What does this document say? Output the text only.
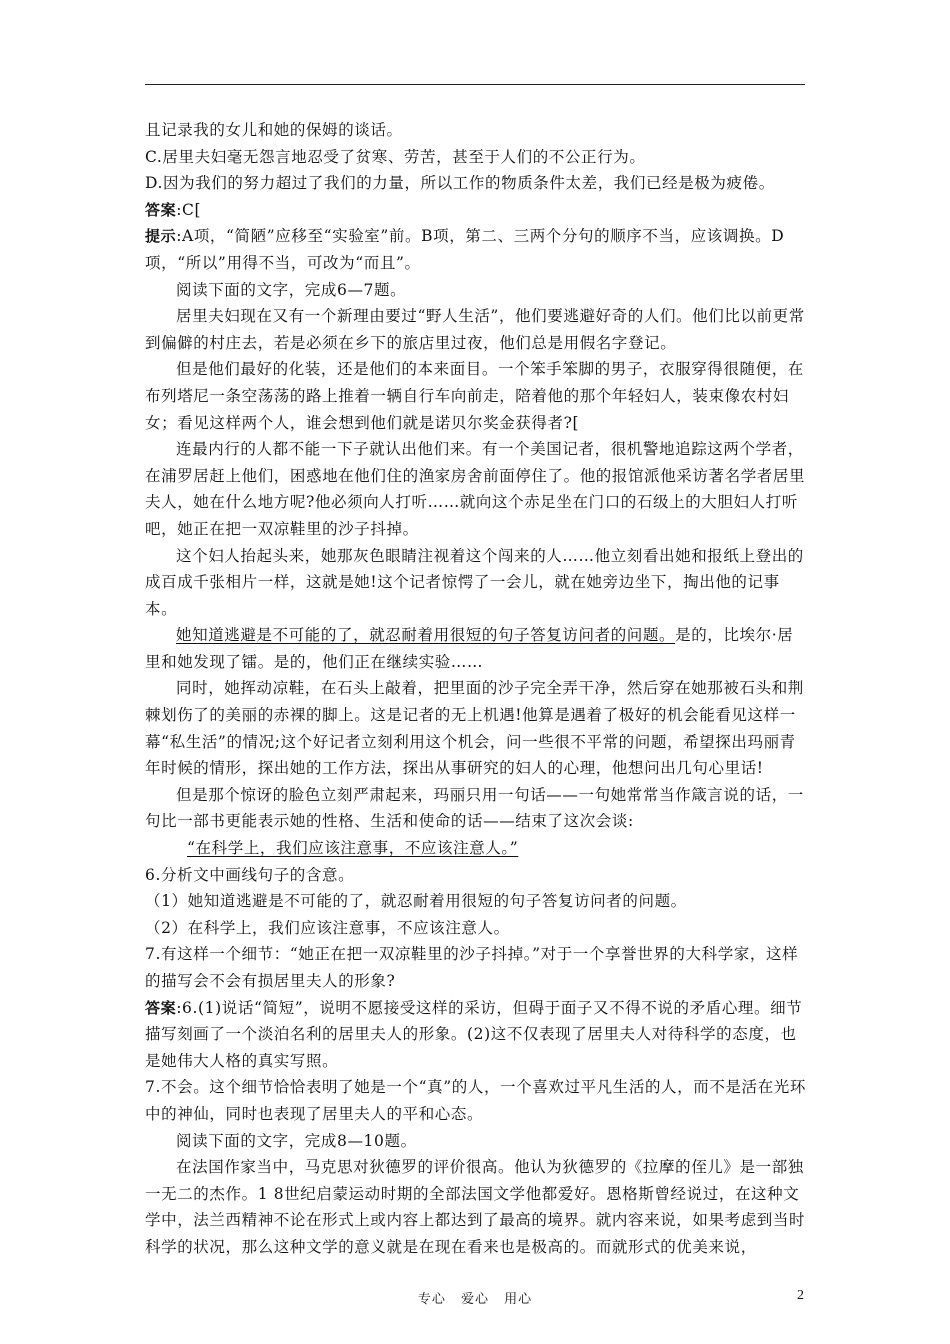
且记录我的女儿和她的保姆的谈话。

C.居里夫妇毫无怨言地忍受了贫寒、劳苦，甚至于人们的不公正行为。

D.因为我们的努力超过了我们的力量，所以工作的物质条件太差，我们已经是极为疲倦。

答案:C[

提示:A项，“简陋”应移至“实验室”前。B项，第二、三两个分句的顺序不当，应该调换。D项，“所以”用得不当，可改为“而且”。

阅读下面的文字，完成6—7题。

居里夫妇现在又有一个新理由要过“野人生活”，他们要逃避好奇的人们。他们比以前更常到偏僻的村庄去，若是必须在乡下的旅店里过夜，他们总是用假名字登记。

但是他们最好的化装，还是他们的本来面目。一个笨手笨脚的男子，衣服穿得很随便，在布列塔尼一条空荡荡的路上推着一辆自行车向前走，陪着他的那个年轻妇人，装束像农村妇女；看见这样两个人，谁会想到他们就是诺贝尔奖金获得者?[

连最内行的人都不能一下子就认出他们来。有一个美国记者，很机警地追踪这两个学者，在浦罗居赶上他们，困惑地在他们住的渔家房舍前面停住了。他的报馆派他采访著名学者居里夫人，她在什么地方呢?他必须向人打听……就向这个赤足坐在门口的石级上的大胆妇人打听吧，她正在把一双凉鞋里的沙子抖掉。

这个妇人抬起头来，她那灰色眼睛注视着这个闯来的人……他立刻看出她和报纸上登出的成百成千张相片一样，这就是她!这个记者惊愕了一会儿，就在她旁边坐下，掏出他的记事本。

她知道逃避是不可能的了，就忍耐着用很短的句子答复访问者的问题。是的，比埃尔·居里和她发现了镭。是的，他们正在继续实验……

同时，她挥动凉鞋，在石头上敲着，把里面的沙子完全弄干净，然后穿在她那被石头和荆棘划伤了的美丽的赤裸的脚上。这是记者的无上机遇!他算是遇着了极好的机会能看见这样一幕“私生活”的情况;这个好记者立刻利用这个机会，问一些很不平常的问题，希望探出玛丽青年时候的情形，探出她的工作方法，探出从事研究的妇人的心理，他想问出几句心里话!

但是那个惊讶的脸色立刻严肃起来，玛丽只用一句话——一句她常常当作箴言说的话，一句比一部书更能表示她的性格、生活和使命的话——结束了这次会谈:

“在科学上，我们应该注意事，不应该注意人。”

6.分析文中画线句子的含意。

（1）她知道逃避是不可能的了，就忍耐着用很短的句子答复访问者的问题。

（2）在科学上，我们应该注意事，不应该注意人。

7.有这样一个细节：“她正在把一双凉鞋里的沙子抖掉。”对于一个享誉世界的大科学家，这样的描写会不会有损居里夫人的形象?

答案:6.(1)说话“简短”，说明不愿接受这样的采访，但碍于面子又不得不说的矛盾心理。细节描写刻画了一个淡泊名利的居里夫人的形象。(2)这不仅表现了居里夫人对待科学的态度，也是她伟大人格的真实写照。

7.不会。这个细节恰恰表明了她是一个“真”的人，一个喜欢过平凡生活的人，而不是活在光环中的神仙，同时也表现了居里夫人的平和心态。

阅读下面的文字，完成8—10题。

在法国作家当中，马克思对狄德罗的评价很高。他认为狄德罗的《拉摩的侄儿》是一部独一无二的杰作。1 8世纪启蒙运动时期的全部法国文学他都爱好。恩格斯曾经说过，在这种文学中，法兰西精神不论在形式上或内容上都达到了最高的境界。就内容来说，如果考虑到当时科学的状况，那么这种文学的意义就是在现在看来也是极高的。而就形式的优美来说，

专心 爱心 用心	2
